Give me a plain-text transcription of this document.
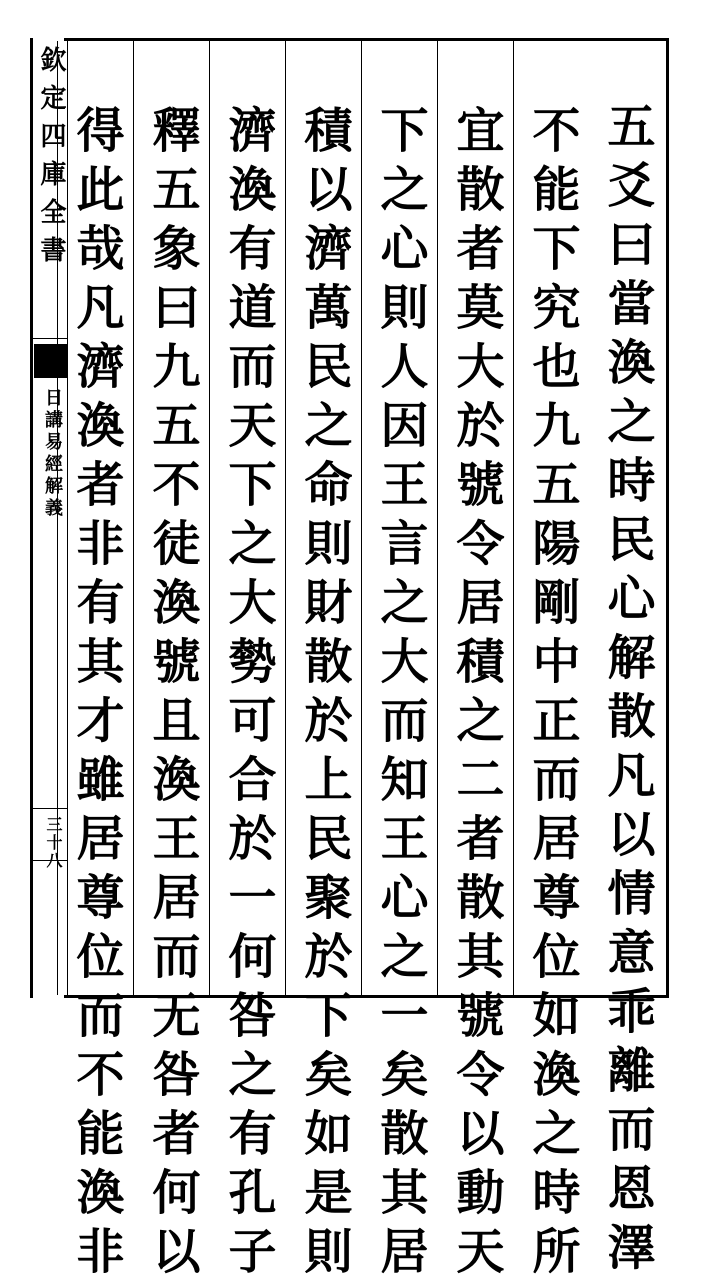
欽定四庫全書
日講易經解義
三十八	五爻曰當渙之時民心解散凡以情意乖離而恩澤
不能下究也九五陽剛中正而居尊位如渙之時所
宜散者莫大於號令居積之二者散其號令以動天
下之心則人因王言之大而知王心之一矣散其居
積以濟萬民之命則財散於上民聚於下矣如是則
濟渙有道而天下之大勢可合於一何咎之有孔子
釋五象曰九五不徒渙號且渙王居而无咎者何以
得此哉凡濟渙者非有其才雖居尊位而不能渙非
